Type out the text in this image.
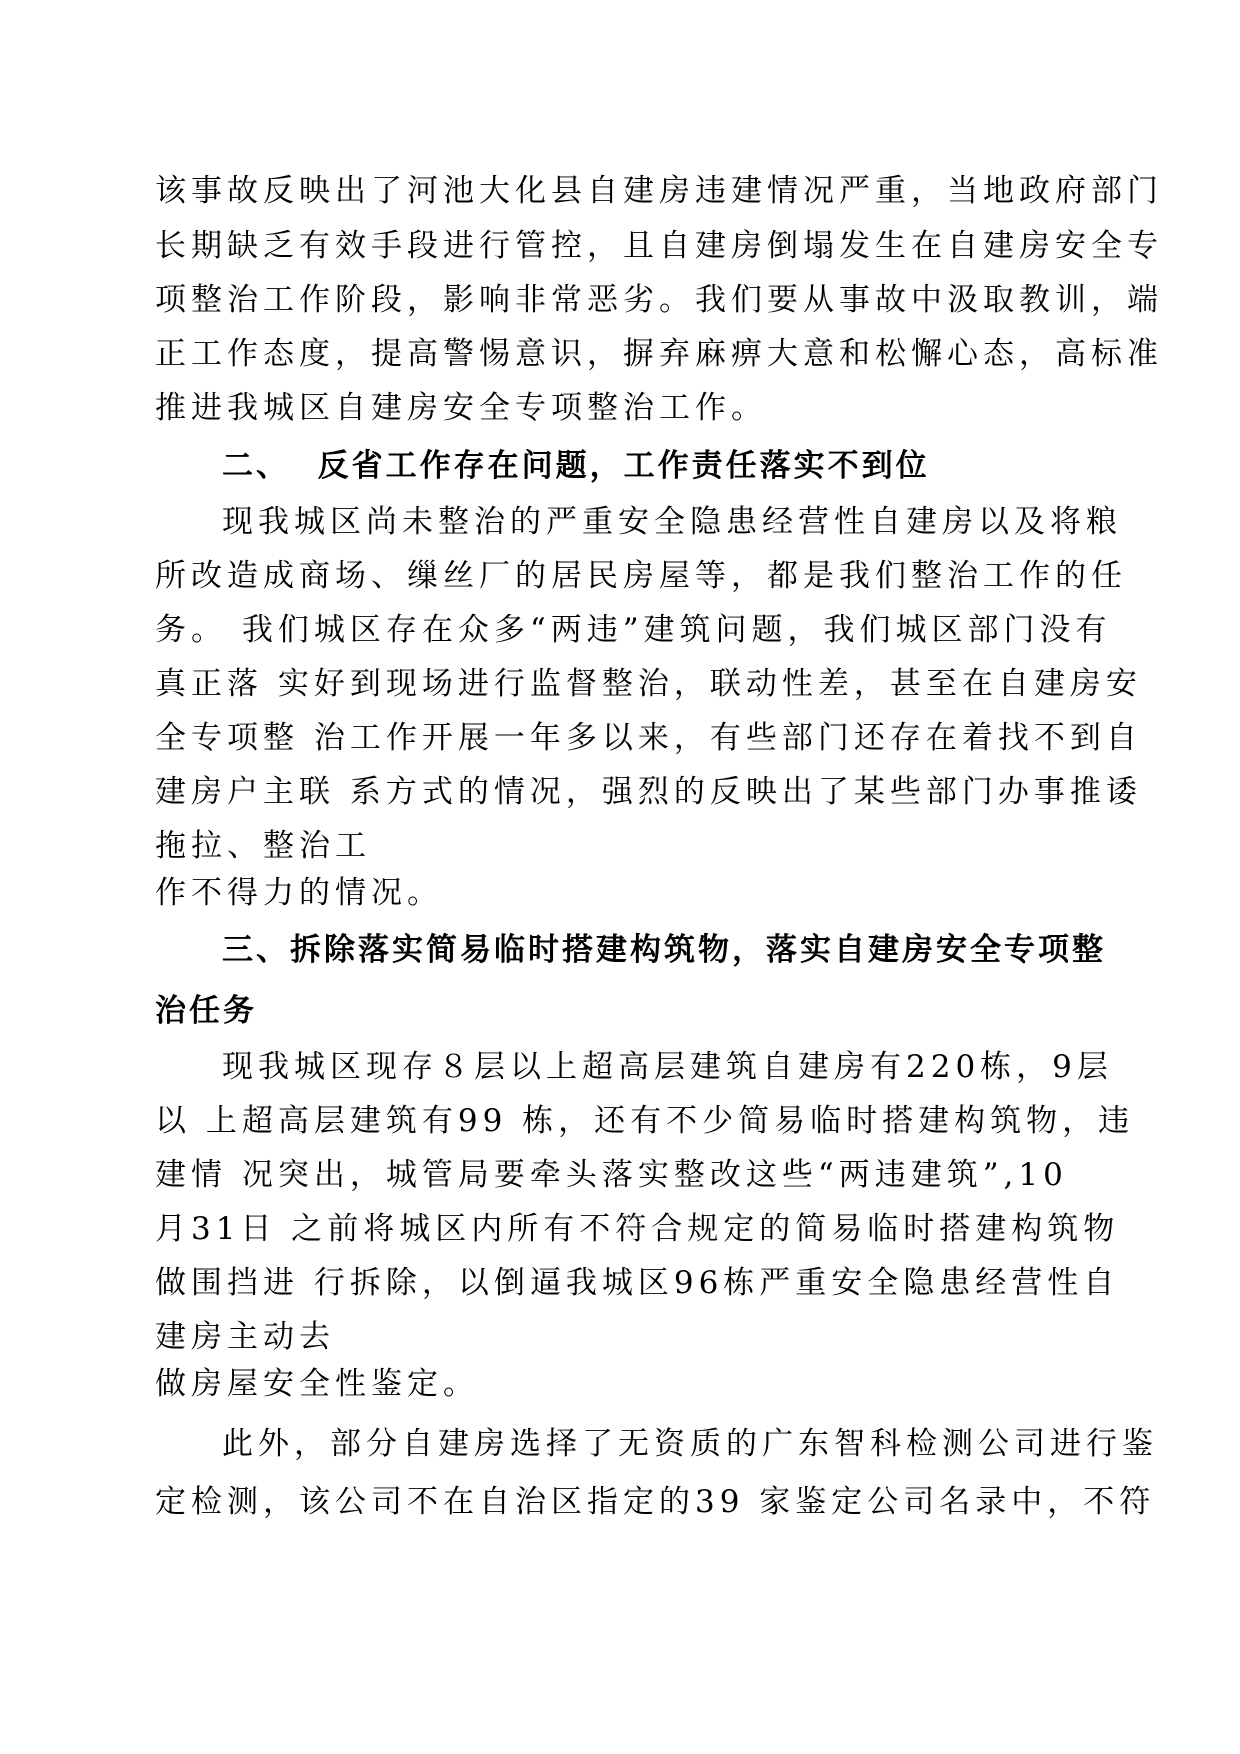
该事故反映出了河池大化县自建房违建情况严重，当地政府部门
长期缺乏有效手段进行管控，且自建房倒塌发生在自建房安全专
项整治工作阶段，影响非常恶劣。我们要从事故中汲取教训，端
正工作态度，提高警惕意识，摒弃麻痹大意和松懈心态，高标准
推进我城区自建房安全专项整治工作。
二、  反省工作存在问题，工作责任落实不到位
现我城区尚未整治的严重安全隐患经营性自建房以及将粮
所改造成商场、缫丝厂的居民房屋等，都是我们整治工作的任
务。 我们城区存在众多“两违”建筑问题，我们城区部门没有
真正落 实好到现场进行监督整治，联动性差，甚至在自建房安
全专项整 治工作开展一年多以来，有些部门还存在着找不到自
建房户主联 系方式的情况，强烈的反映出了某些部门办事推诿
拖拉、整治工
作不得力的情况。
三、拆除落实简易临时搭建构筑物，落实自建房安全专项整
治任务
现我城区现存８层以上超高层建筑自建房有220栋，9层
以 上超高层建筑有99 栋，还有不少简易临时搭建构筑物，违
建情 况突出，城管局要牵头落实整改这些“两违建筑”,10
月31日 之前将城区内所有不符合规定的简易临时搭建构筑物
做围挡进 行拆除，以倒逼我城区96栋严重安全隐患经营性自
建房主动去
做房屋安全性鉴定。
此外，部分自建房选择了无资质的广东智科检测公司进行鉴
定检测，该公司不在自治区指定的39 家鉴定公司名录中，不符
